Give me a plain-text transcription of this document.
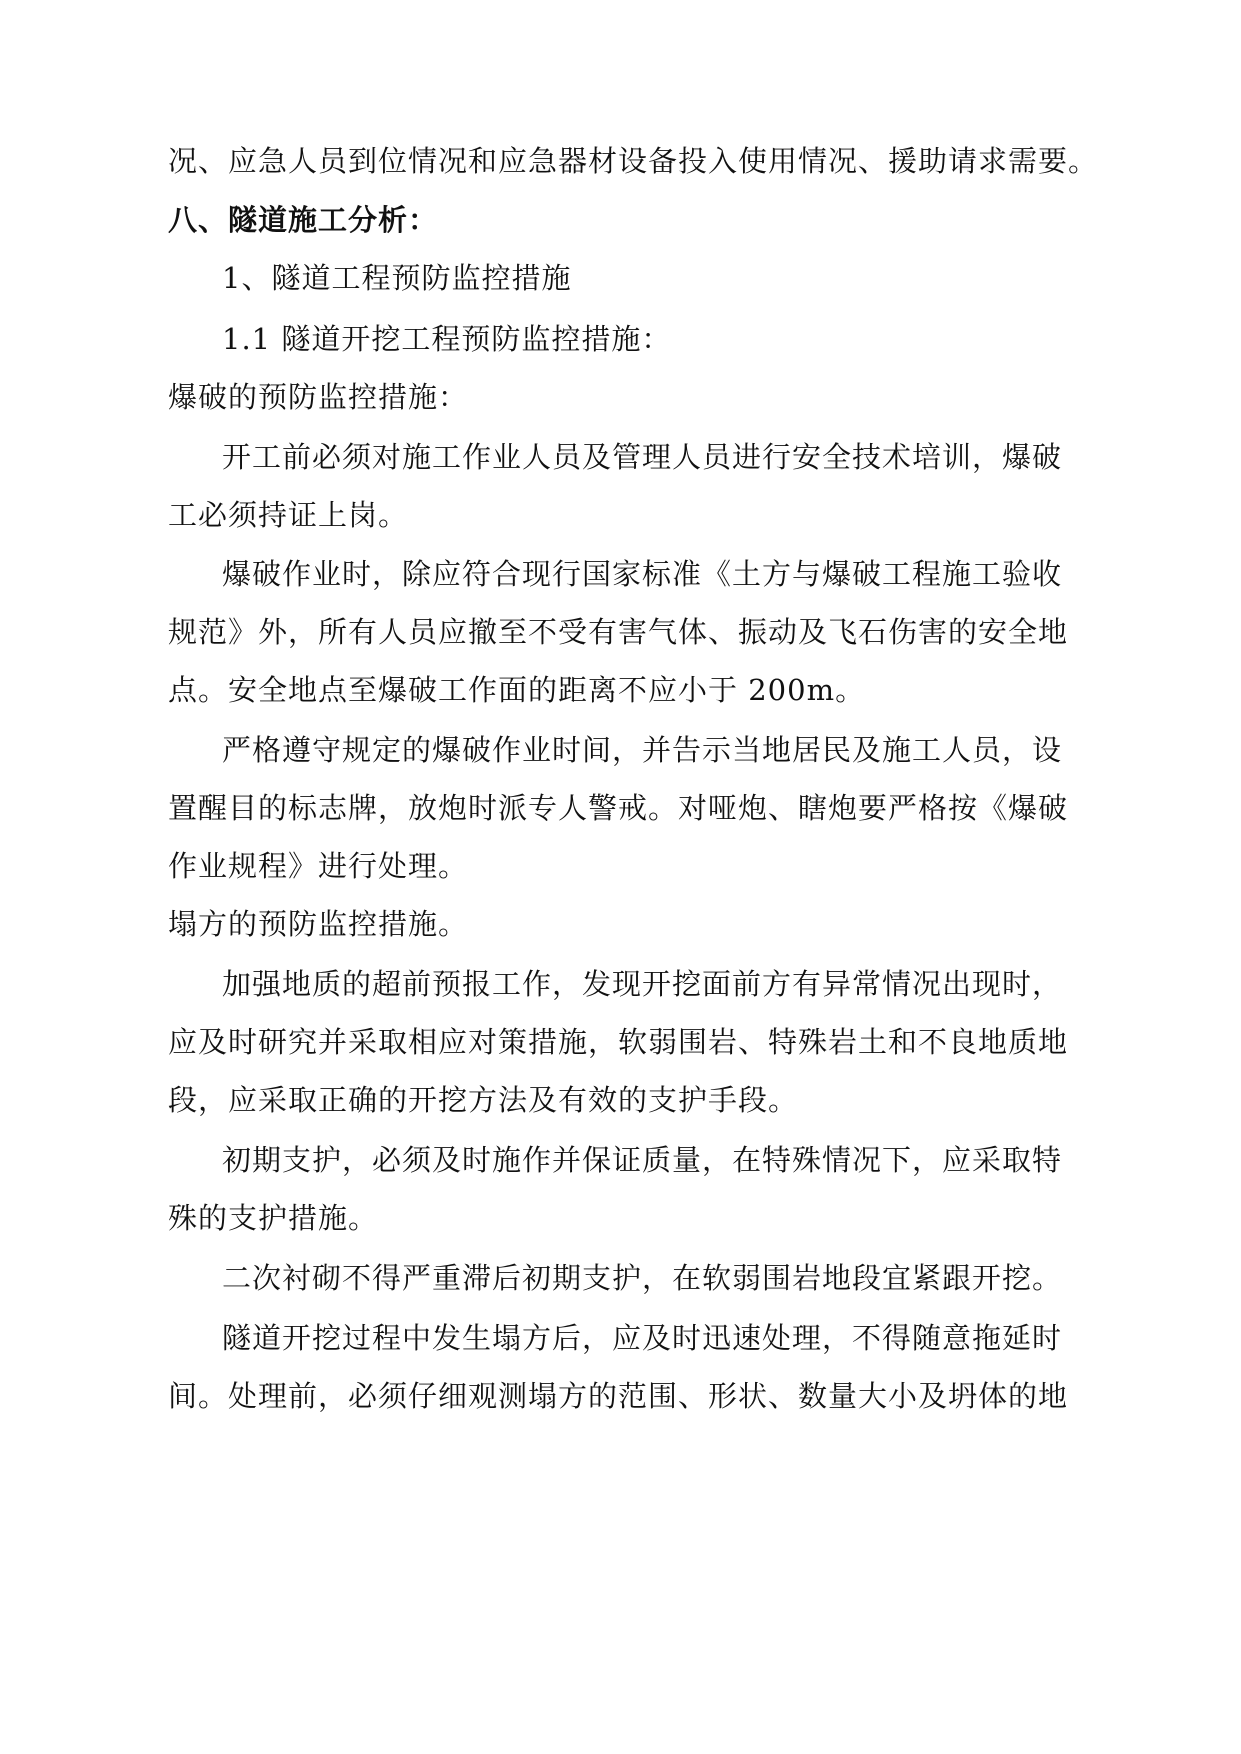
况、应急人员到位情况和应急器材设备投入使用情况、援助请求需要。
八、隧道施工分析：
1、隧道工程预防监控措施
1.1 隧道开挖工程预防监控措施：
爆破的预防监控措施：
开工前必须对施工作业人员及管理人员进行安全技术培训，爆破
工必须持证上岗。
爆破作业时，除应符合现行国家标准《土方与爆破工程施工验收
规范》外，所有人员应撤至不受有害气体、振动及飞石伤害的安全地
点。安全地点至爆破工作面的距离不应小于 200m。
严格遵守规定的爆破作业时间，并告示当地居民及施工人员，设
置醒目的标志牌，放炮时派专人警戒。对哑炮、瞎炮要严格按《爆破
作业规程》进行处理。
塌方的预防监控措施。
加强地质的超前预报工作，发现开挖面前方有异常情况出现时，
应及时研究并采取相应对策措施，软弱围岩、特殊岩土和不良地质地
段，应采取正确的开挖方法及有效的支护手段。
初期支护，必须及时施作并保证质量，在特殊情况下，应采取特
殊的支护措施。
二次衬砌不得严重滞后初期支护，在软弱围岩地段宜紧跟开挖。
隧道开挖过程中发生塌方后，应及时迅速处理，不得随意拖延时
间。处理前，必须仔细观测塌方的范围、形状、数量大小及坍体的地
